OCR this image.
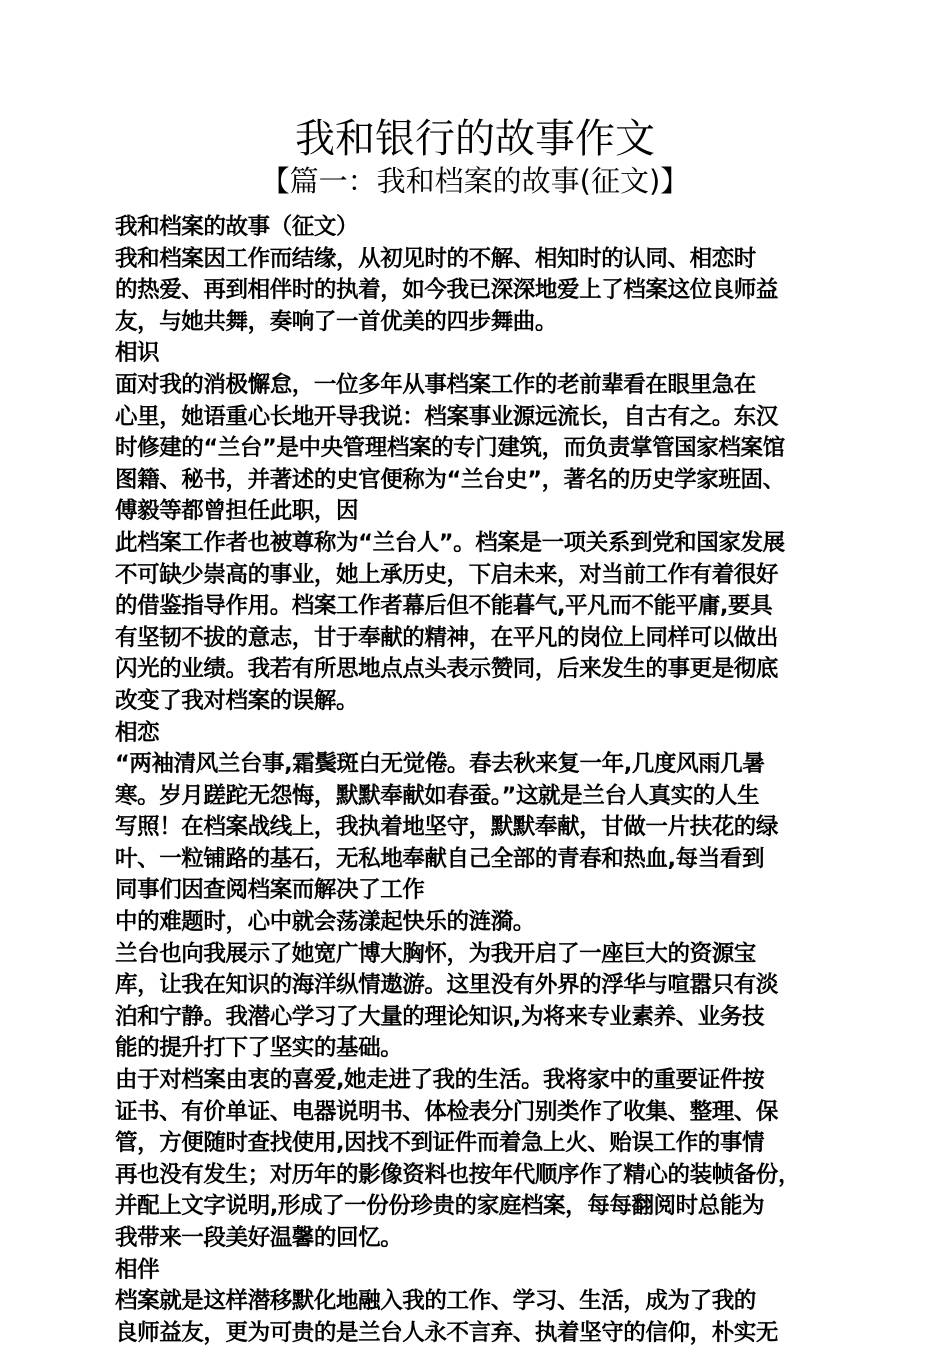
我和银行的故事作文
【篇一：我和档案的故事(征文)】
我和档案的故事（征文）
我和档案因工作而结缘，从初见时的不解、相知时的认同、相恋时
的热爱、再到相伴时的执着，如今我已深深地爱上了档案这位良师益
友，与她共舞，奏响了一首优美的四步舞曲。
相识
面对我的消极懈怠，一位多年从事档案工作的老前辈看在眼里急在
心里，她语重心长地开导我说：档案事业源远流长，自古有之。东汉
时修建的“兰台”是中央管理档案的专门建筑，而负责掌管国家档案馆
图籍、秘书，并著述的史官便称为“兰台史”，著名的历史学家班固、
傅毅等都曾担任此职，因
此档案工作者也被尊称为“兰台人”。档案是一项关系到党和国家发展
不可缺少崇高的事业，她上承历史，下启未来，对当前工作有着很好
的借鉴指导作用。档案工作者幕后但不能暮气,平凡而不能平庸,要具
有坚韧不拔的意志，甘于奉献的精神，在平凡的岗位上同样可以做出
闪光的业绩。我若有所思地点点头表示赞同，后来发生的事更是彻底
改变了我对档案的误解。
相恋
“两袖清风兰台事,霜鬓斑白无觉倦。春去秋来复一年,几度风雨几暑
寒。岁月蹉跎无怨悔，默默奉献如春蚕。”这就是兰台人真实的人生
写照！在档案战线上，我执着地坚守，默默奉献，甘做一片扶花的绿
叶、一粒铺路的基石，无私地奉献自己全部的青春和热血,每当看到
同事们因查阅档案而解决了工作
中的难题时，心中就会荡漾起快乐的涟漪。
兰台也向我展示了她宽广博大胸怀，为我开启了一座巨大的资源宝
库，让我在知识的海洋纵情遨游。这里没有外界的浮华与喧嚣只有淡
泊和宁静。我潜心学习了大量的理论知识,为将来专业素养、业务技
能的提升打下了坚实的基础。
由于对档案由衷的喜爱,她走进了我的生活。我将家中的重要证件按
证书、有价单证、电器说明书、体检表分门别类作了收集、整理、保
管，方便随时查找使用,因找不到证件而着急上火、贻误工作的事情
再也没有发生；对历年的影像资料也按年代顺序作了精心的装帧备份，
并配上文字说明,形成了一份份珍贵的家庭档案，每每翻阅时总能为
我带来一段美好温馨的回忆。
相伴
档案就是这样潜移默化地融入我的工作、学习、生活，成为了我的
良师益友，更为可贵的是兰台人永不言弃、执着坚守的信仰，朴实无
